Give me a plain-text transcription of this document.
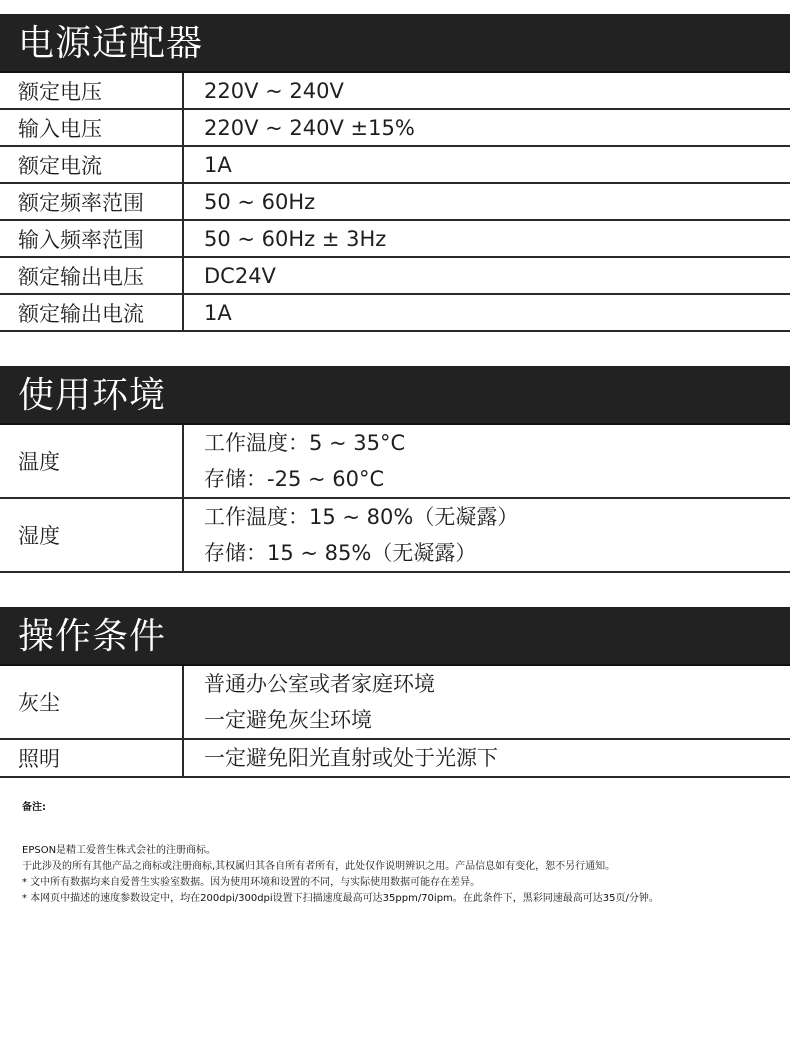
电源适配器
额定电压	220V ~ 240V
输入电压	220V ~ 240V ±15%
额定电流	1A
额定频率范围	50 ~ 60Hz
输入频率范围	50 ~ 60Hz ± 3Hz
额定输出电压	DC24V
额定输出电流	1A
使用环境
温度	工作温度：5 ~ 35°C
存储：-25 ~ 60°C

湿度	工作温度：15 ~ 80%（无凝露）
存储：15 ~ 85%（无凝露）
操作条件
灰尘	普通办公室或者家庭环境
一定避免灰尘环境

照明	一定避免阳光直射或处于光源下
备注:
EPSON是精工爱普生株式会社的注册商标。
于此涉及的所有其他产品之商标或注册商标,其权属归其各自所有者所有，此处仅作说明辨识之用。产品信息如有变化，恕不另行通知。
* 文中所有数据均来自爱普生实验室数据。因为使用环境和设置的不同，与实际使用数据可能存在差异。
* 本网页中描述的速度参数设定中，均在200dpi/300dpi设置下扫描速度最高可达35ppm/70ipm。在此条件下，黑彩同速最高可达35页/分钟。
